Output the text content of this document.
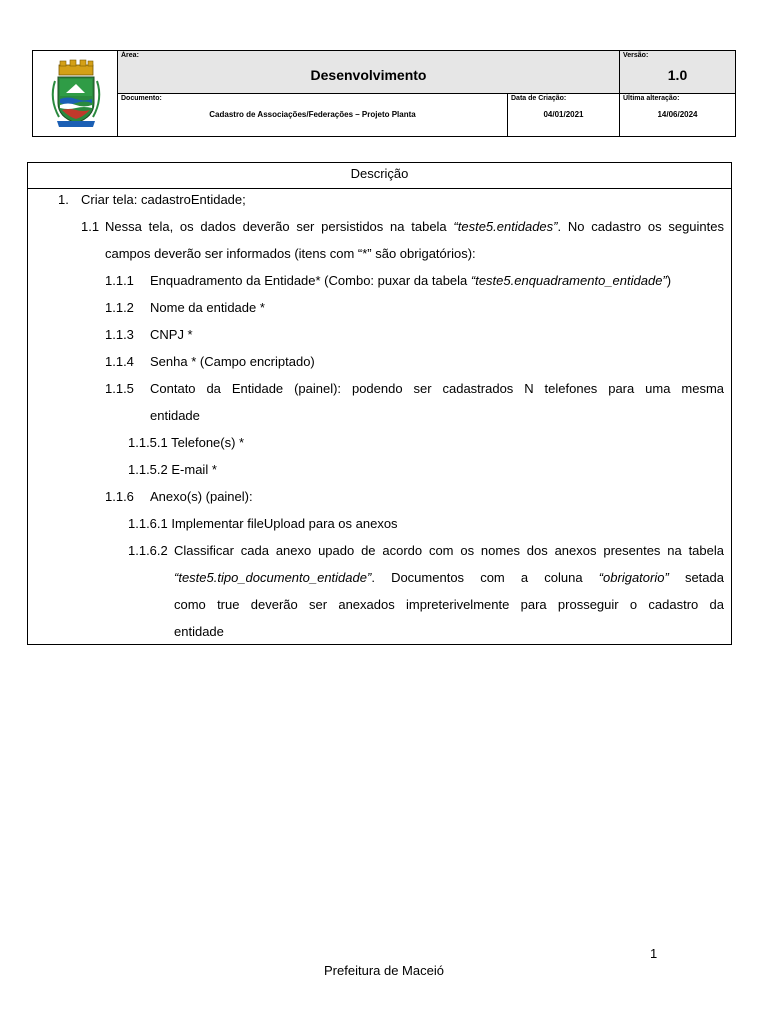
Área:
Desenvolvimento
Versão:
1.0
Documento:
Cadastro de Associações/Federações – Projeto Planta
Data de Criação:
04/01/2021
Última alteração:
14/06/2024
Descrição
1. Criar tela: cadastroEntidade;
1.1 Nessa tela, os dados deverão ser persistidos na tabela “teste5.entidades”. No cadastro os seguintes
campos deverão ser informados (itens com “*” são obrigatórios):
1.1.1 Enquadramento da Entidade* (Combo: puxar da tabela “teste5.enquadramento_entidade”)
1.1.2 Nome da entidade *
1.1.3 CNPJ *
1.1.4 Senha * (Campo encriptado)
1.1.5 Contato da Entidade (painel): podendo ser cadastrados N telefones para uma mesma
entidade
1.1.5.1 Telefone(s) *
1.1.5.2 E-mail *
1.1.6 Anexo(s) (painel):
1.1.6.1 Implementar fileUpload para os anexos
1.1.6.2 Classificar cada anexo upado de acordo com os nomes dos anexos presentes na tabela
“teste5.tipo_documento_entidade”. Documentos com a coluna “obrigatorio” setada
como true deverão ser anexados impreterivelmente para prosseguir o cadastro da
entidade
1
Prefeitura de Maceió
